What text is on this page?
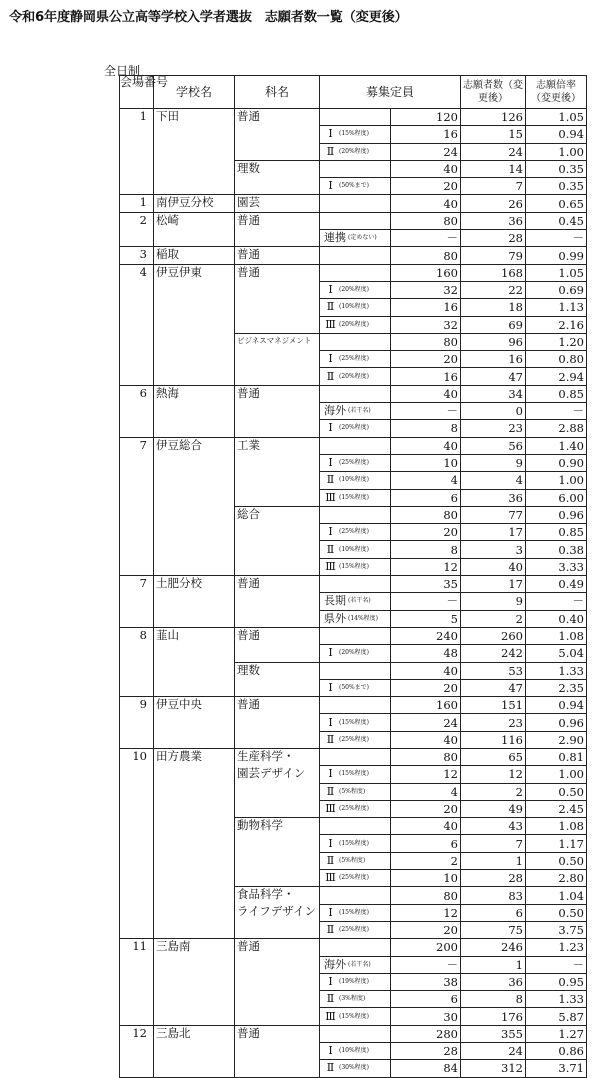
令和6年度静岡県公立高等学校入学者選抜　志願者数一覧（変更後）
全日制
会場番号	学校名	科名	募集定員		志願者数（変更後）	志願倍率（変更後）
1	下田	普通		120	126	1.05
			Ⅰ (15%程度)	16	15	0.94
			Ⅱ (20%程度)	24	24	1.00
		理数		40	14	0.35
			Ⅰ (50%まで)	20	7	0.35
1	南伊豆分校	園芸		40	26	0.65
2	松崎	普通		80	36	0.45
			連携 (定めない)	－	28	－
3	稲取	普通		80	79	0.99
4	伊豆伊東	普通		160	168	1.05
			Ⅰ (20%程度)	32	22	0.69
			Ⅱ (10%程度)	16	18	1.13
			Ⅲ (20%程度)	32	69	2.16
		ビジネスマネジメント		80	96	1.20
			Ⅰ (25%程度)	20	16	0.80
			Ⅱ (20%程度)	16	47	2.94
6	熱海	普通		40	34	0.85
			海外 (若干名)	－	0	－
			Ⅰ (20%程度)	8	23	2.88
7	伊豆総合	工業		40	56	1.40
			Ⅰ (25%程度)	10	9	0.90
			Ⅱ (10%程度)	4	4	1.00
			Ⅲ (15%程度)	6	36	6.00
		総合		80	77	0.96
			Ⅰ (25%程度)	20	17	0.85
			Ⅱ (10%程度)	8	3	0.38
			Ⅲ (15%程度)	12	40	3.33
7	土肥分校	普通		35	17	0.49
			長期 (若干名)	－	9	－
			県外 (14%程度)	5	2	0.40
8	韮山	普通		240	260	1.08
			Ⅰ (20%程度)	48	242	5.04
		理数		40	53	1.33
			Ⅰ (50%まで)	20	47	2.35
9	伊豆中央	普通		160	151	0.94
			Ⅰ (15%程度)	24	23	0.96
			Ⅱ (25%程度)	40	116	2.90
10	田方農業	生産科学・		80	65	0.81
		園芸デザイン	Ⅰ (15%程度)	12	12	1.00
			Ⅱ (5%程度)	4	2	0.50
			Ⅲ (25%程度)	20	49	2.45
		動物科学		40	43	1.08
			Ⅰ (15%程度)	6	7	1.17
			Ⅱ (5%程度)	2	1	0.50
			Ⅲ (25%程度)	10	28	2.80
		食品科学・		80	83	1.04
		ライフデザイン	Ⅰ (15%程度)	12	6	0.50
			Ⅱ (25%程度)	20	75	3.75
11	三島南	普通		200	246	1.23
			海外 (若干名)	－	1	－
			Ⅰ (19%程度)	38	36	0.95
			Ⅱ (3%程度)	6	8	1.33
			Ⅲ (15%程度)	30	176	5.87
12	三島北	普通		280	355	1.27
			Ⅰ (10%程度)	28	24	0.86
			Ⅱ (30%程度)	84	312	3.71
